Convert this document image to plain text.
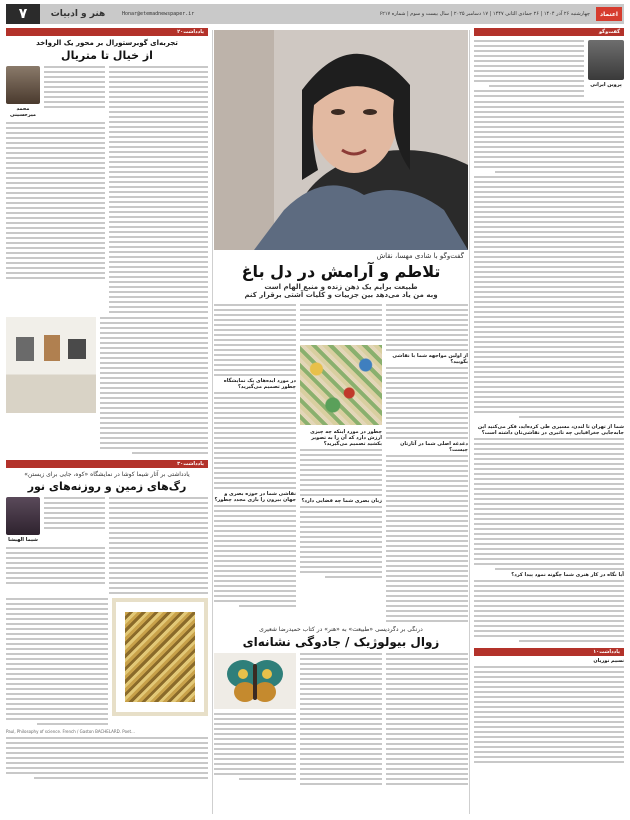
۷	هنر و ادبیات	Honar@etemadnewspaper.ir	چهارشنبه ۲۶ آذر ۱۴۰۴ | ۲۶ جمادی الثانی ۱۴۴۷ | ۱۷ دسامبر ۲۰۲۵ | سال بیست و سوم | شماره ۶۲۱۷	اعتماد
گفت‌وگو
پروین ایرانی
شما از تهران تا لندن، مسیری طی کرده‌اید، فکر می‌کنید این جابه‌جایی جغرافیایی چه تاثیری در نقاشی‌تان داشته است؟
آیا نگاه در کار هنری شما چگونه نمود پیدا کرد؟
یادداشت۱۰
نسیم نوریان
گفت‌وگو با شادی مهسا، نقاش
تلاطم و آرامش در دل باغ
طبیعت برایم یک ذهن زنده و منبع الهام است
وبه من یاد می‌دهد بین جزییات و کلیات آشتی برقرار کنم
از اولین مواجهه شما با نقاشی بگویید؟
دغدغه اصلی شما در آثارتان چیست؟
چطور در مورد اینکه چه چیزی ارزش دارد که آن را به تصویر بکشید تصمیم می‌گیرید؟
زبان بصری شما چه فضایی دارد؟
در مورد ایده‌های یک نمایشگاه چطور تصمیم می‌گیرید؟
نقاشی شما در حوزه بصری و جهان بیرون را بازی مجدد چطور؟
درنگی بر دگردیسی «طبیعت» به «هنر» در کتاب حمیدرضا شعیری
زوال بیولوژیک / جادوگی نشانه‌ای
یادداشت۲۰
تجربه‌ای گوبرستورال بر محور یک الرواخد
از خیال تا متریال
محمد میرحسینی
یادداشت۳۰
یادداشتی بر آثار شیما کوشا در نمایشگاه «کوه، جایی برای زیستن»
رگ‌های زمین و روزنه‌های نور
شیما الهیشا
Paul, Philosophy of science. French / Gaston BACHELARD. Poet...
